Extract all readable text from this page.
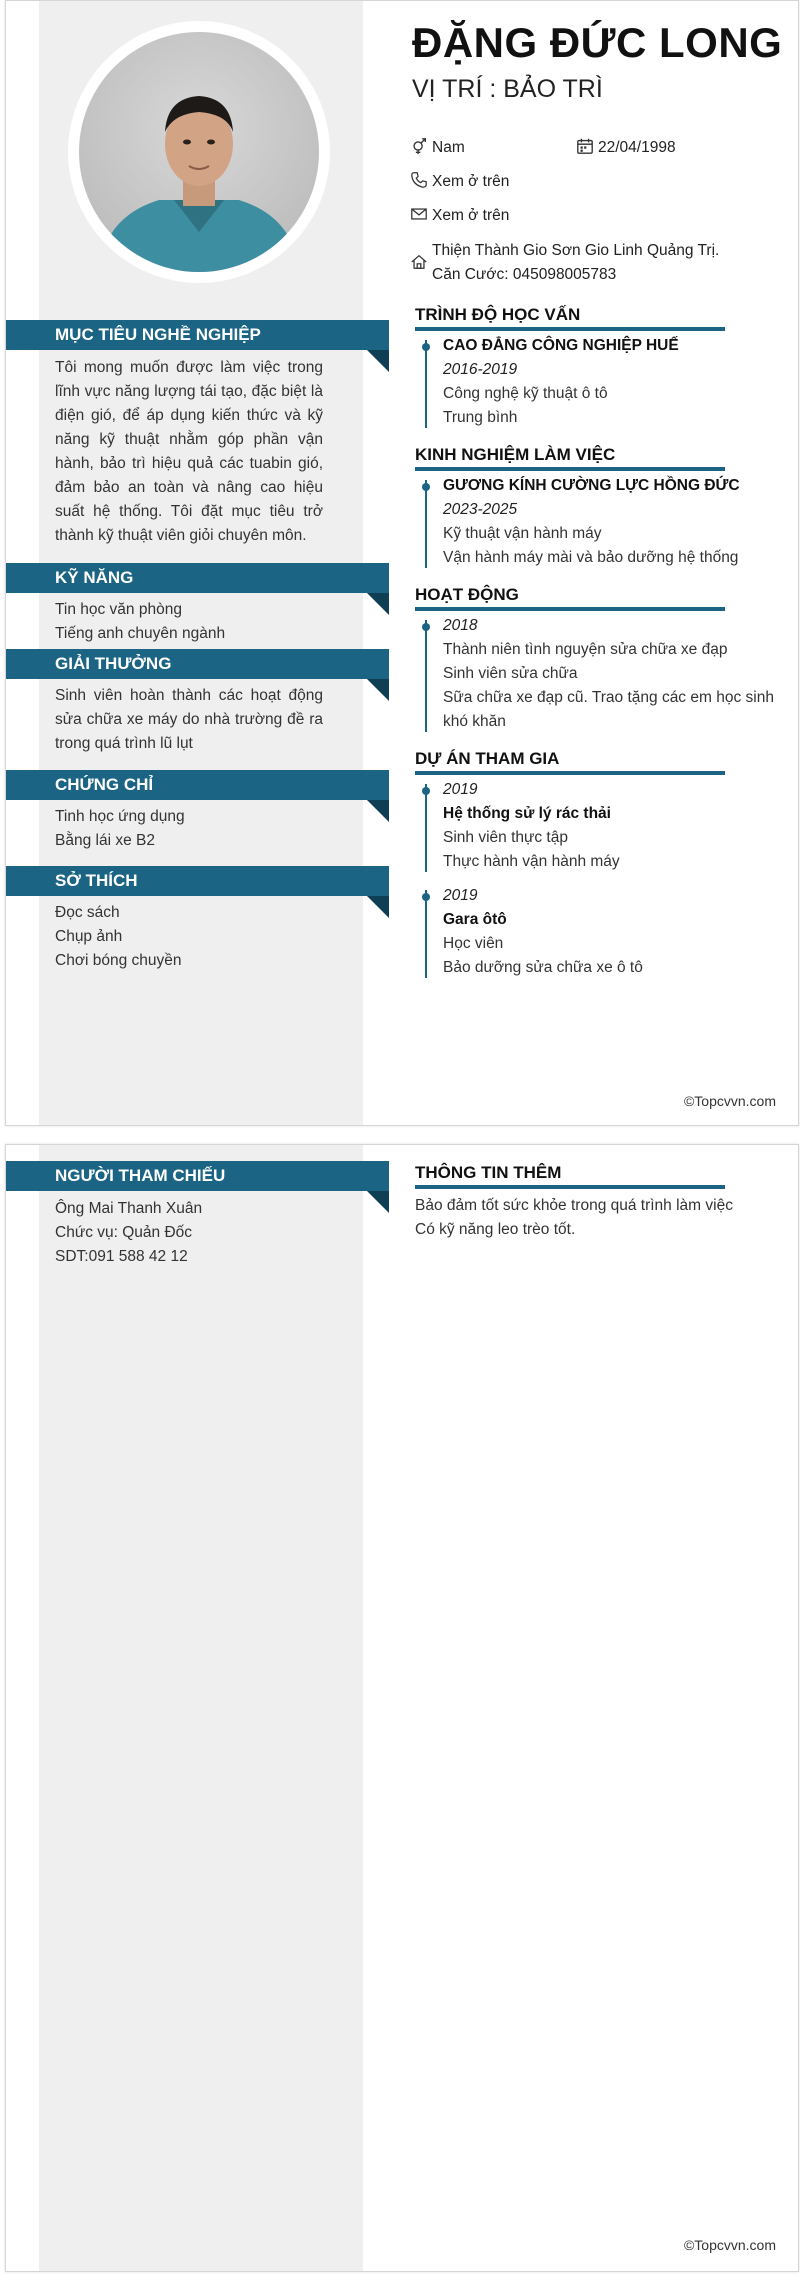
MỤC TIÊU NGHỀ NGHIỆP
Tôi mong muốn được làm việc trong lĩnh vực năng lượng tái tạo, đặc biệt là điện gió, để áp dụng kiến thức và kỹ năng kỹ thuật nhằm góp phần vận hành, bảo trì hiệu quả các tuabin gió, đảm bảo an toàn và nâng cao hiệu suất hệ thống. Tôi đặt mục tiêu trở thành kỹ thuật viên giỏi chuyên môn.
KỸ NĂNG
Tin học văn phòng
Tiếng anh chuyên ngành
GIẢI THƯỞNG
Sinh viên hoàn thành các hoạt động sửa chữa xe máy do nhà trường đề ra trong quá trình lũ lụt
CHỨNG CHỈ
Tinh học ứng dụng
Bằng lái xe B2
SỞ THÍCH
Đọc sách
Chụp ảnh
Chơi bóng chuyền
ĐẶNG ĐỨC LONG
VỊ TRÍ : BẢO TRÌ
Nam	22/04/1998
Xem ở trên
Xem ở trên
Thiện Thành Gio Sơn Gio Linh Quảng Trị.
Căn Cước: 045098005783
TRÌNH ĐỘ HỌC VẤN
CAO ĐẲNG CÔNG NGHIỆP HUẾ
2016-2019
Công nghệ kỹ thuật ô tô
Trung bình
KINH NGHIỆM LÀM VIỆC
GƯƠNG KÍNH CƯỜNG LỰC HỒNG ĐỨC
2023-2025
Kỹ thuật vận hành máy
Vận hành máy mài và bảo dưỡng hệ thống
HOẠT ĐỘNG
2018
Thành niên tình nguyện sửa chữa xe đạp
Sinh viên sửa chữa
Sữa chữa xe đạp cũ. Trao tặng các em học sinh khó khăn
DỰ ÁN THAM GIA
2019
Hệ thống sử lý rác thải
Sinh viên thực tập
Thực hành vận hành máy
2019
Gara ôtô
Học viên
Bảo dưỡng sửa chữa xe ô tô
©Topcvvn.com
NGƯỜI THAM CHIẾU
Ông Mai Thanh Xuân
Chức vụ: Quản Đốc
SDT:091 588 42 12
THÔNG TIN THÊM
Bảo đảm tốt sức khỏe trong quá trình làm việc
Có kỹ năng leo trèo tốt.
©Topcvvn.com
